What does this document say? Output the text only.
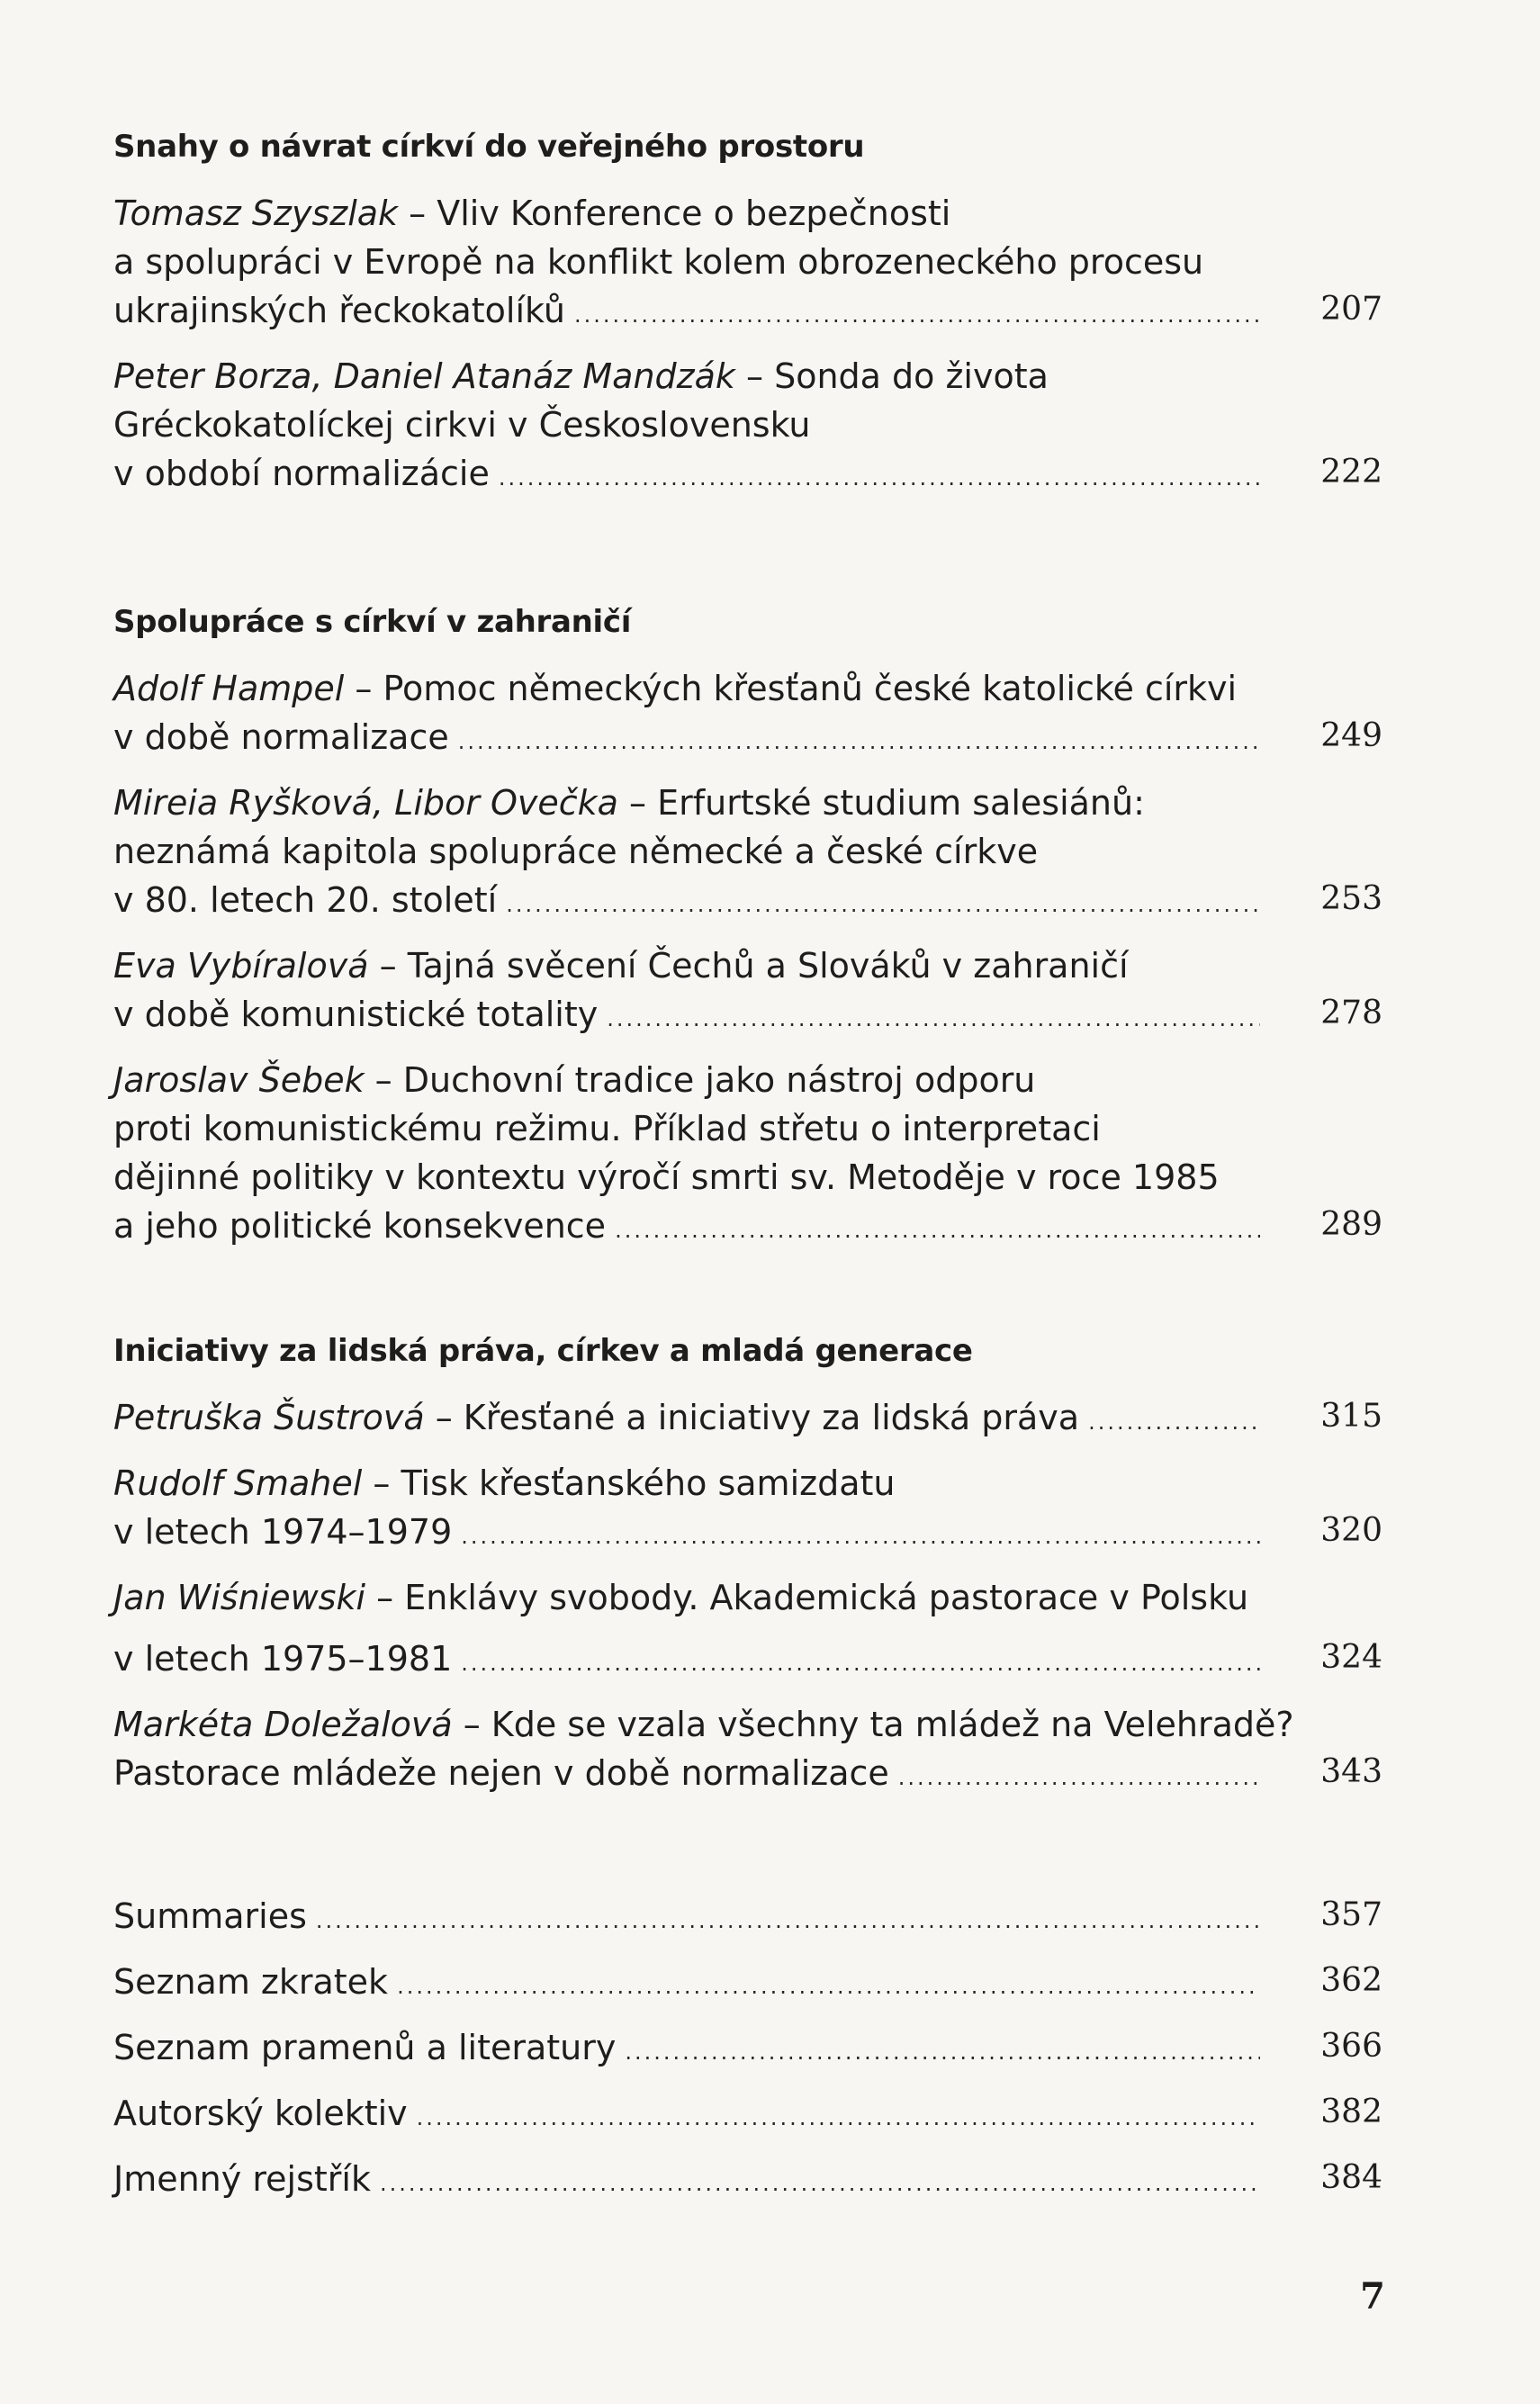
Snahy o návrat církví do veřejného prostoru
Tomasz Szyszlak – Vliv Konference o bezpečnosti
a spolupráci v Evropě na konflikt kolem obrozeneckého procesu
ukrajinských řeckokatolíků .....	207
Peter Borza, Daniel Atanáz Mandzák – Sonda do života
Gréckokatolíckej cirkvi v Československu
v období normalizácie .....	222
Spolupráce s církví v zahraničí
Adolf Hampel – Pomoc německých křesťanů české katolické církvi
v době normalizace .....	249
Mireia Ryšková, Libor Ovečka – Erfurtské studium salesiánů:
neznámá kapitola spolupráce německé a české církve
v 80. letech 20. století .....	253
Eva Vybíralová – Tajná svěcení Čechů a Slováků v zahraničí
v době komunistické totality .....	278
Jaroslav Šebek – Duchovní tradice jako nástroj odporu
proti komunistickému režimu. Příklad střetu o interpretaci
dějinné politiky v kontextu výročí smrti sv. Metoděje v roce 1985
a jeho politické konsekvence .....	289
Iniciativy za lidská práva, církev a mladá generace
Petruška Šustrová – Křesťané a iniciativy za lidská práva .....	315
Rudolf Smahel – Tisk křesťanského samizdatu
v letech 1974–1979 .....	320
Jan Wiśniewski – Enklávy svobody. Akademická pastorace v Polsku
v letech 1975–1981 .....	324
Markéta Doležalová – Kde se vzala všechny ta mládež na Velehradě?
Pastorace mládeže nejen v době normalizace .....	343
Summaries .....	357
Seznam zkratek .....	362
Seznam pramenů a literatury .....	366
Autorský kolektiv .....	382
Jmenný rejstřík .....	384
7
